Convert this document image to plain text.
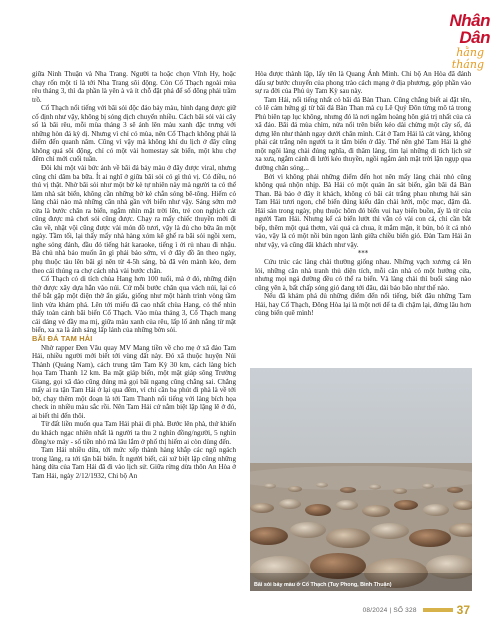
Nhân Dân
hằng tháng

giữa Ninh Thuận và Nha Trang. Người ta hoặc chọn Vĩnh Hy, hoặc chạy rốn một tí là tới Nha Trang sôi động. Còn Cổ Thạch ngoài mùa rêu tháng 3, thì đa phần là yên à và ít chỗ đặt phả để số đông phải trầm trồ.

Cổ Thạch nổi tiếng với bãi sỏi độc đáo bảy màu, hình dạng được giữ cố định như vậy, không bị sóng dịch chuyển nhiều. Cách bãi sỏi vài cây số là bãi rêu, mỗi mùa tháng 3 sẽ ánh lên màu xanh đặc trưng với những hòn đá kỳ dị. Nhưng vì chỉ có mùa, nên Cổ Thạch không phải là điểm đến quanh năm. Cũng vì vậy mà không khí du lịch ở đây cũng không quá sôi động, chỉ có một vài homestay sát biển, một khu chợ đêm chỉ mới cuối tuần.

Đôi khi một vài bức ảnh về bãi đá bảy màu ở đây được viral, nhưng cũng chỉ dâm ba bữa. Ít ai nghĩ ở giữa bãi sỏi có gì thú vị. Có điều, nó thú vị thật. Nhờ bãi sỏi như một bờ kè tự nhiên này mà người ta có thể làm nhà sát biển, không cần những bờ kè chắn sóng bê-tông. Hiếm có làng chài nào mà những căn nhà gần với biển như vậy. Sáng sớm mở cửa là bước chân ra biển, ngắm nhìn mặt trời lên, trẻ con nghịch cát cũng được mà chơi sỏi cũng được. Chạy ra mấy chiếc thuyền mới đi câu về, nhặt vội cũng được vài món đồ tươi, vậy là đủ cho bữa ăn một ngày. Tầm tối, lại thấy mấy nhà hàng xóm kê ghế ra bãi sỏi ngồi xem, nghe sóng đánh, đầu đó tiếng hát karaoke, tiếng ì ới rủ nhau đi nhậu. Bà chủ nhà bảo muốn ăn gì phải báo sớm, vì ở đây đồ ăn theo ngày, phụ thuộc tàu lên bãi gì nên từ 4-5h sáng, bà đã vén mành kéo, đem theo cái thúng ra chợ cách nhà vài bước chân.

Cổ Thạch có di tích chùa Hang hơn 100 tuổi, mà ở đó, những điện thờ được xây dựa hẳn vào núi. Cứ mỗi bước chân qua vách núi, lại có thể bắt gặp một điện thờ ẩn giấu, giống như một hành trình vòng tầm linh vừa khám phá. Lên tới miếu đã cao nhất chùa Hang, có thể nhìn thấy toàn cảnh bãi biển Cổ Thạch. Vào mùa tháng 3, Cổ Thạch mang cái dáng vẻ đầy ma mị, giữa màu xanh của rêu, lấp lố ánh nắng từ mặt biển, xa xa là ánh sáng lấp lánh của những bờn sỏi.

BÃI ĐÁ TAM HẢI

Nhờ rapper Đen Vâu quay MV Mang tiền về cho mẹ ở xã đảo Tam Hải, nhiều người mới biết tới vùng đất này. Đó xã thuộc huyện Núi Thành (Quảng Nam), cách trung tâm Tam Kỳ 30 km, cách làng bích họa Tam Thanh 12 km. Ba mặt giáp biển, một mặt giáp sông Trường Giang, gọi xã đảo cũng đúng mà gọi bãi ngang cũng chẳng sai. Chẳng mấy ai ra tận Tam Hải ở lại qua đêm, vì chỉ cần ba phút đi phà là về tới bờ, chạy thêm một đoạn là tới Tam Thanh nổi tiếng với làng bích họa check in nhiều màu sắc rồi. Nên Tam Hải cứ nằm biệt lập lặng lẽ ở đó, ai biết thì đến thôi.

Từ đất liền muốn qua Tam Hải phải đi phà. Bước lên phà, thứ khiến du khách ngạc nhiên nhất là người ta thu 2 nghìn đồng/người, 5 nghìn đồng/xe máy - số tiền nhỏ mà lâu lắm ở phố thị hiếm ai còn dùng đến.

Tam Hải nhiều dừa, tới mức xếp thành hàng khắp các ngõ ngách trong làng, ra tới tận bãi biển. Ít người biết, cái xứ biệt lập cũng những hàng dừa của Tam Hải đã đi vào lịch sử. Giữa rừng dừa thôn An Hòa ở Tam Hải, ngày 2/12/1932, Chi bộ An

Hòa được thành lập, lấy tên là Quang Ánh Minh. Chi bộ An Hòa đã đánh dấu sự bước chuyển của phong trào cách mạng ở địa phương, góp phần vào sự ra đời của Phủ ủy Tam Kỳ sau này.

Tam Hải, nổi tiếng nhất có bãi đá Bàn Than. Cũng chẳng biết ai đặt tên, có lẽ cảm hứng gì từ bãi đá Bàn Than mà cụ Lê Quý Đôn từng mô tả trong Phủ biên tạp lục không, nhưng đó là nơi ngắm hoàng hôn giá trị nhất của cả xã đảo. Bãi đá mùa chìm, nửa nổi trên biển kéo dài chừng một cây số, đá dựng lên như thành ngay dưới chân mình. Cát ở Tam Hải là cát vàng, không phải cát trắng nên người ta ít tắm biển ở đây. Thế nên ghé Tam Hải là ghé một ngôi làng chài đúng nghĩa, đi thăm làng, tìm lại những di tích lịch sử xa xưa, ngắm cảnh đi lưới kéo thuyền, ngồi ngắm ánh mặt trời lặn ngụp qua đường chân sóng...

Bởi vì không phải những điểm đến hot nên mấy làng chài nhỏ cũng không quá nhộn nhịp. Bà Hải có một quán ăn sát biển, gần bãi đá Bàn Than. Bà bảo ở đây ít khách, không có bãi cát trắng phau nhưng hải sản Tam Hải tươi ngon, chế biến đúng kiểu dân chài lưới, mộc mạc, đậm đà. Hải sản trong ngày, phụ thuộc hôm đó biển vui hay biển buồn, ấy là từ của người Tam Hải. Nhưng kể cả biển lướt thì vẫn có vài con cá, chỉ cần bắt bếp, thêm một quả thơm, vài quả cà chua, ít mắm mặn, ít bún, bỏ ít cá nhỏ vào, vậy là có một nồi bún ngon lành giữa chiều biển gió. Đàn Tam Hải ăn như vậy, và cũng đãi khách như vậy.

***

Cứu trúc các làng chài thường giống nhau. Những vạch xương cá lên lỏi, những căn nhà tranh thủ diện tích, mỗi căn nhà có một hướng cửa, nhưng mọi ngả đường đều có thể ra biển. Và làng chài thì buổi sáng nào cũng yên à, bất chấp sóng gió đang tới đâu, dài báo bão như thế nào.

Nếu đã khám phá đủ những điểm đến nổi tiếng, biết đâu những Tam Hải, hay Cổ Thạch, Đông Hòa lại là một nơi để ta đi chậm lại, đừng lâu hơn cùng biển quê mình!

Bãi sỏi bảy màu ở Cổ Thạch (Tuy Phong, Bình Thuận)
08/2024 | SỐ 328	37
